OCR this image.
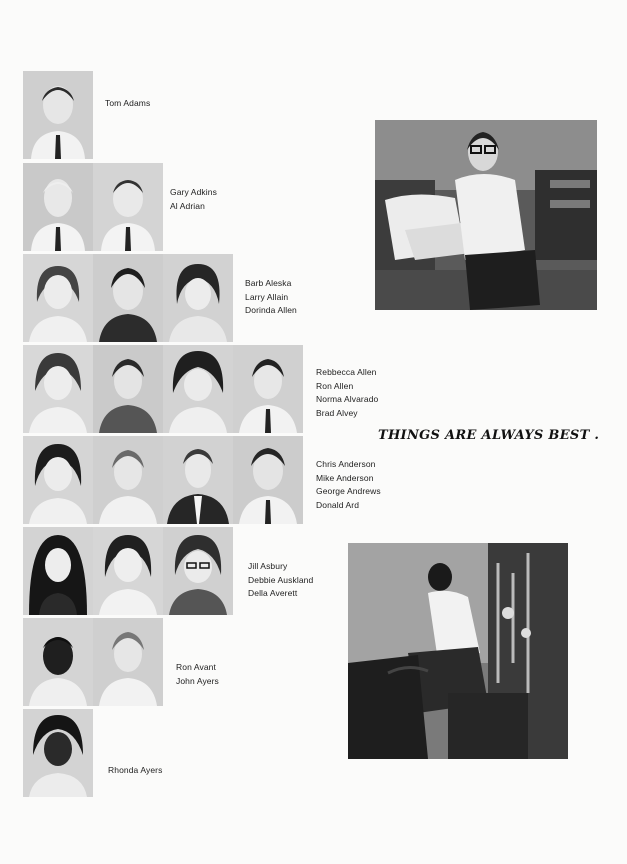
Tom Adams
Gary Adkins
Al Adrian
Barb Aleska
Larry Allain
Dorinda Allen
Rebbecca Allen
Ron Allen
Norma Alvarado
Brad Alvey
THINGS ARE ALWAYS BEST .
Chris Anderson
Mike Anderson
George Andrews
Donald Ard
Jill Asbury
Debbie Auskland
Della Averett
Ron Avant
John Ayers
Rhonda Ayers
